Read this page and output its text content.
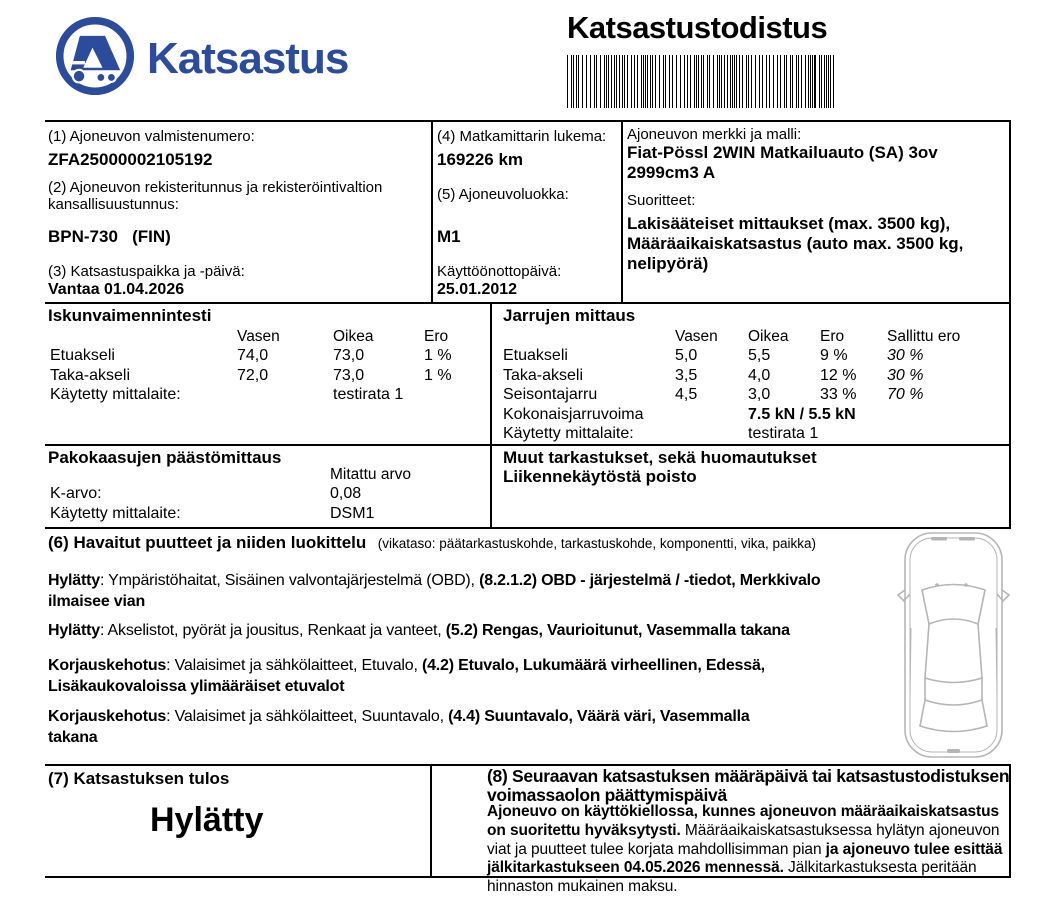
Katsastus
Katsastustodistus
(1) Ajoneuvon valmistenumero:
ZFA25000002105192
(2) Ajoneuvon rekisteritunnus ja rekisteröintivaltion kansallisuustunnus:
BPN-730   (FIN)
(3) Katsastuspaikka ja -päivä:
Vantaa 01.04.2026
(4) Matkamittarin lukema:
169226 km
(5) Ajoneuvoluokka:
M1
Käyttöönottopäivä:
25.01.2012
Ajoneuvon merkki ja malli:
Fiat-Pössl 2WIN Matkailuauto (SA) 3ov 2999cm3 A
Suoritteet:
Lakisääteiset mittaukset (max. 3500 kg), Määräaikaiskatsastus (auto max. 3500 kg, nelipyörä)
Iskunvaimennintesti
Vasen	Oikea	Ero
Etuakseli	74,0	73,0	1 %
Taka-akseli	72,0	73,0	1 %
Käytetty mittalaite:	testirata 1
Jarrujen mittaus
Vasen	Oikea	Ero	Sallittu ero
Etuakseli	5,0	5,5	9 %	30 %
Taka-akseli	3,5	4,0	12 %	30 %
Seisontajarru	4,5	3,0	33 %	70 %
Kokonaisjarruvoima	7.5 kN / 5.5 kN
Käytetty mittalaite:	testirata 1
Pakokaasujen päästömittaus
Mitattu arvo
K-arvo:	0,08
Käytetty mittalaite:	DSM1
Muut tarkastukset, sekä huomautukset
Liikennekäytöstä poisto
(6) Havaitut puutteet ja niiden luokittelu (vikataso: päätarkastuskohde, tarkastuskohde, komponentti, vika, paikka)

Hylätty: Ympäristöhaitat, Sisäinen valvontajärjestelmä (OBD), (8.2.1.2) OBD - järjestelmä / -tiedot, Merkkivalo ilmaisee vian

Hylätty: Akselistot, pyörät ja jousitus, Renkaat ja vanteet, (5.2) Rengas, Vaurioitunut, Vasemmalla takana

Korjauskehotus: Valaisimet ja sähkölaitteet, Etuvalo, (4.2) Etuvalo, Lukumäärä virheellinen, Edessä, Lisäkaukovaloissa ylimääräiset etuvalot

Korjauskehotus: Valaisimet ja sähkölaitteet, Suuntavalo, (4.4) Suuntavalo, Väärä väri, Vasemmalla takana

(7) Katsastuksen tulos
Hylätty
(8) Seuraavan katsastuksen määräpäivä tai katsastustodistuksen voimassaolon päättymispäivä
Ajoneuvo on käyttökiellossa, kunnes ajoneuvon määräaikaiskatsastus on suoritettu hyväksytysti. Määräaikaiskatsastuksessa hylätyn ajoneuvon viat ja puutteet tulee korjata mahdollisimman pian ja ajoneuvo tulee esittää jälkitarkastukseen 04.05.2026 mennessä. Jälkitarkastuksesta peritään hinnaston mukainen maksu.
